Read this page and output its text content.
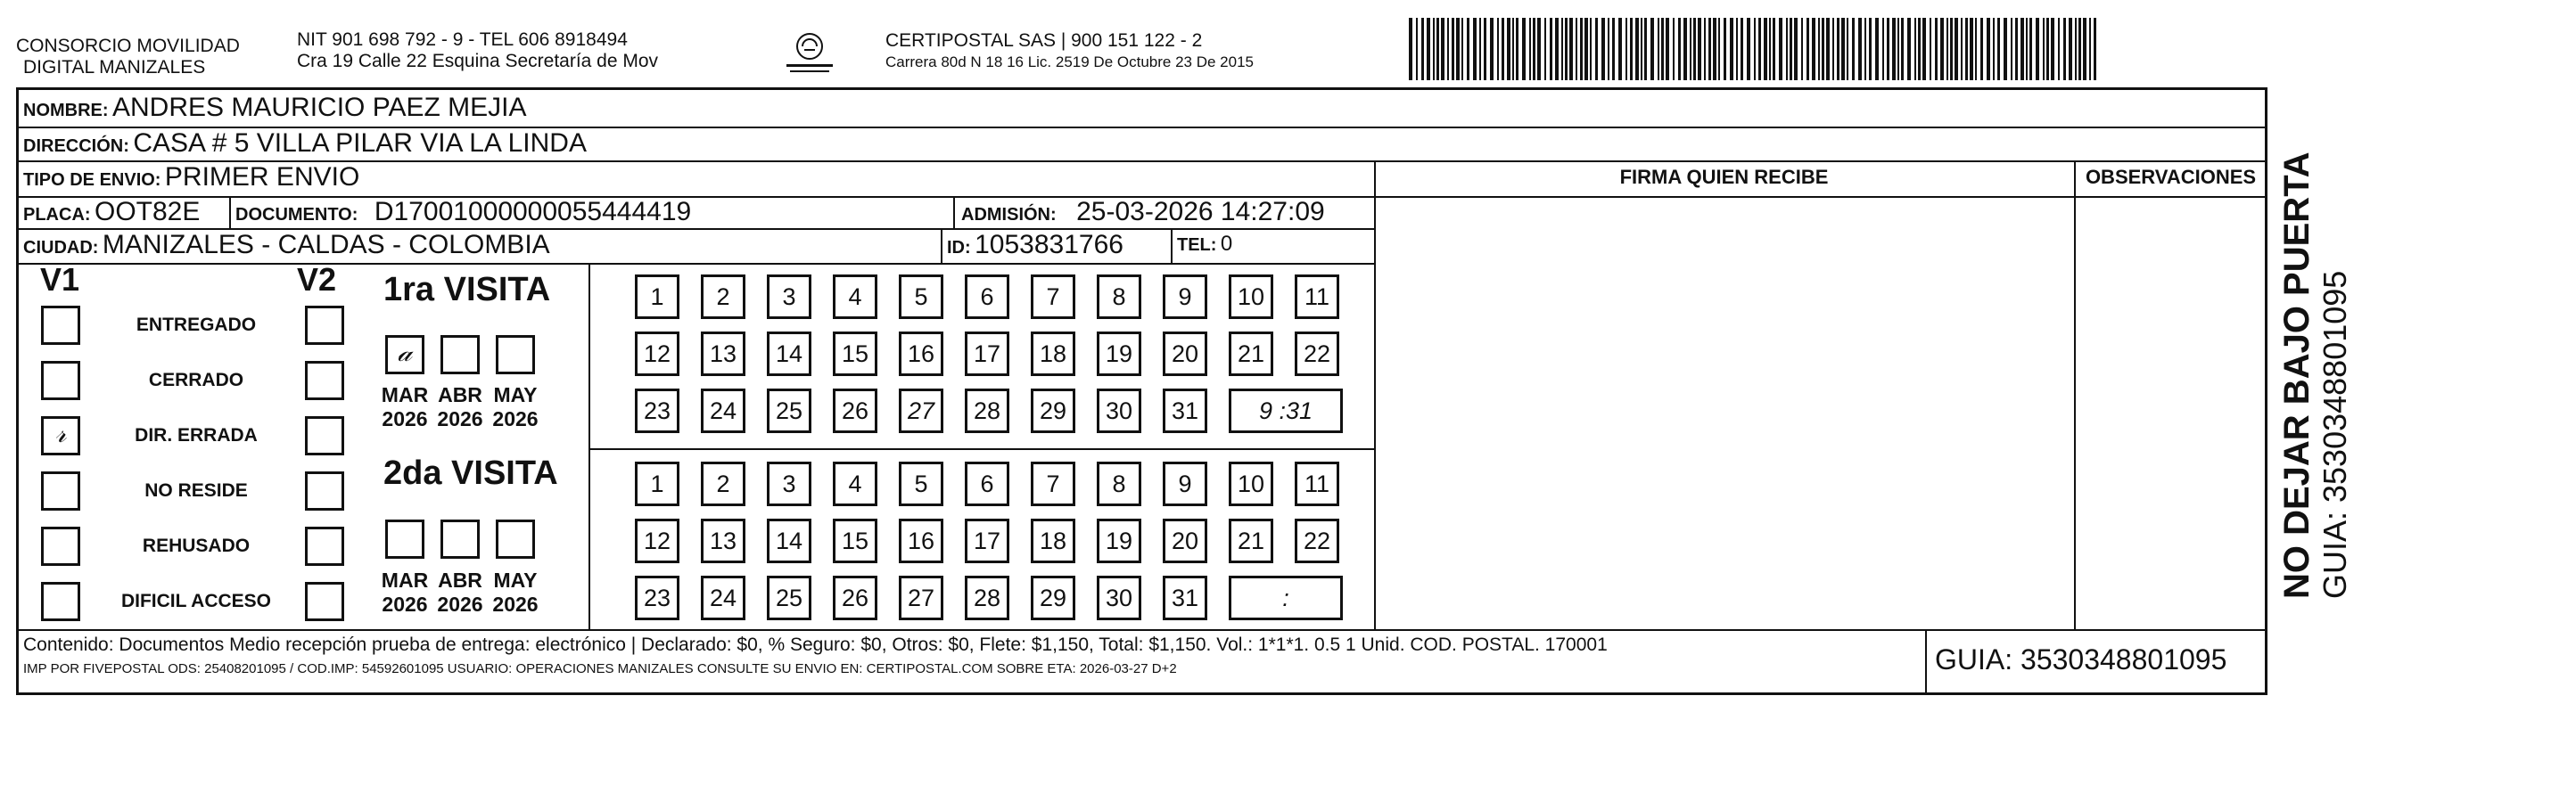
CONSORCIO MOVILIDAD
DIGITAL MANIZALES
NIT 901 698 792 - 9 - TEL 606 8918494
Cra 19 Calle 22 Esquina Secretaría de Mov
CERTIPOSTAL SAS | 900 151 122 - 2
Carrera 80d N 18 16 Lic. 2519 De Octubre 23 De 2015
NOMBRE: ANDRES MAURICIO PAEZ MEJIA
DIRECCIÓN: CASA # 5 VILLA PILAR VIA LA LINDA
TIPO DE ENVIO: PRIMER ENVIO
PLACA: OOT82E DOCUMENTO: D17001000000055444419	ADMISIÓN: 25-03-2026 14:27:09
CIUDAD: MANIZALES - CALDAS - COLOMBIA	ID: 1053831766	TEL: 0
FIRMA QUIEN RECIBE	OBSERVACIONES
V1	V2
ENTREGADO
CERRADO
𝓇	DIR. ERRADA
NO RESIDE
REHUSADO
DIFICIL ACCESO
1ra VISITA
𝒶
MAR
2026
ABR
2026
MAY
2026
1	2	3	4	5	6	7	8	9	10	11
12	13	14	15	16	17	18	19	20	21	22
23	24	25	26	27	28	29	30	31	9 :31
2da VISITA
MAR
2026
ABR
2026
MAY
2026
1	2	3	4	5	6	7	8	9	10	11
12	13	14	15	16	17	18	19	20	21	22
23	24	25	26	27	28	29	30	31	:
Contenido: Documentos Medio recepción prueba de entrega: electrónico | Declarado: $0, % Seguro: $0, Otros: $0, Flete: $1,150, Total: $1,150. Vol.: 1*1*1. 0.5 1 Unid. COD. POSTAL. 170001
IMP POR FIVEPOSTAL ODS: 25408201095 / COD.IMP: 54592601095 USUARIO: OPERACIONES MANIZALES CONSULTE SU ENVIO EN: CERTIPOSTAL.COM SOBRE ETA: 2026-03-27 D+2	GUIA: 3530348801095
NO DEJAR BAJO PUERTA GUIA: 3530348801095
